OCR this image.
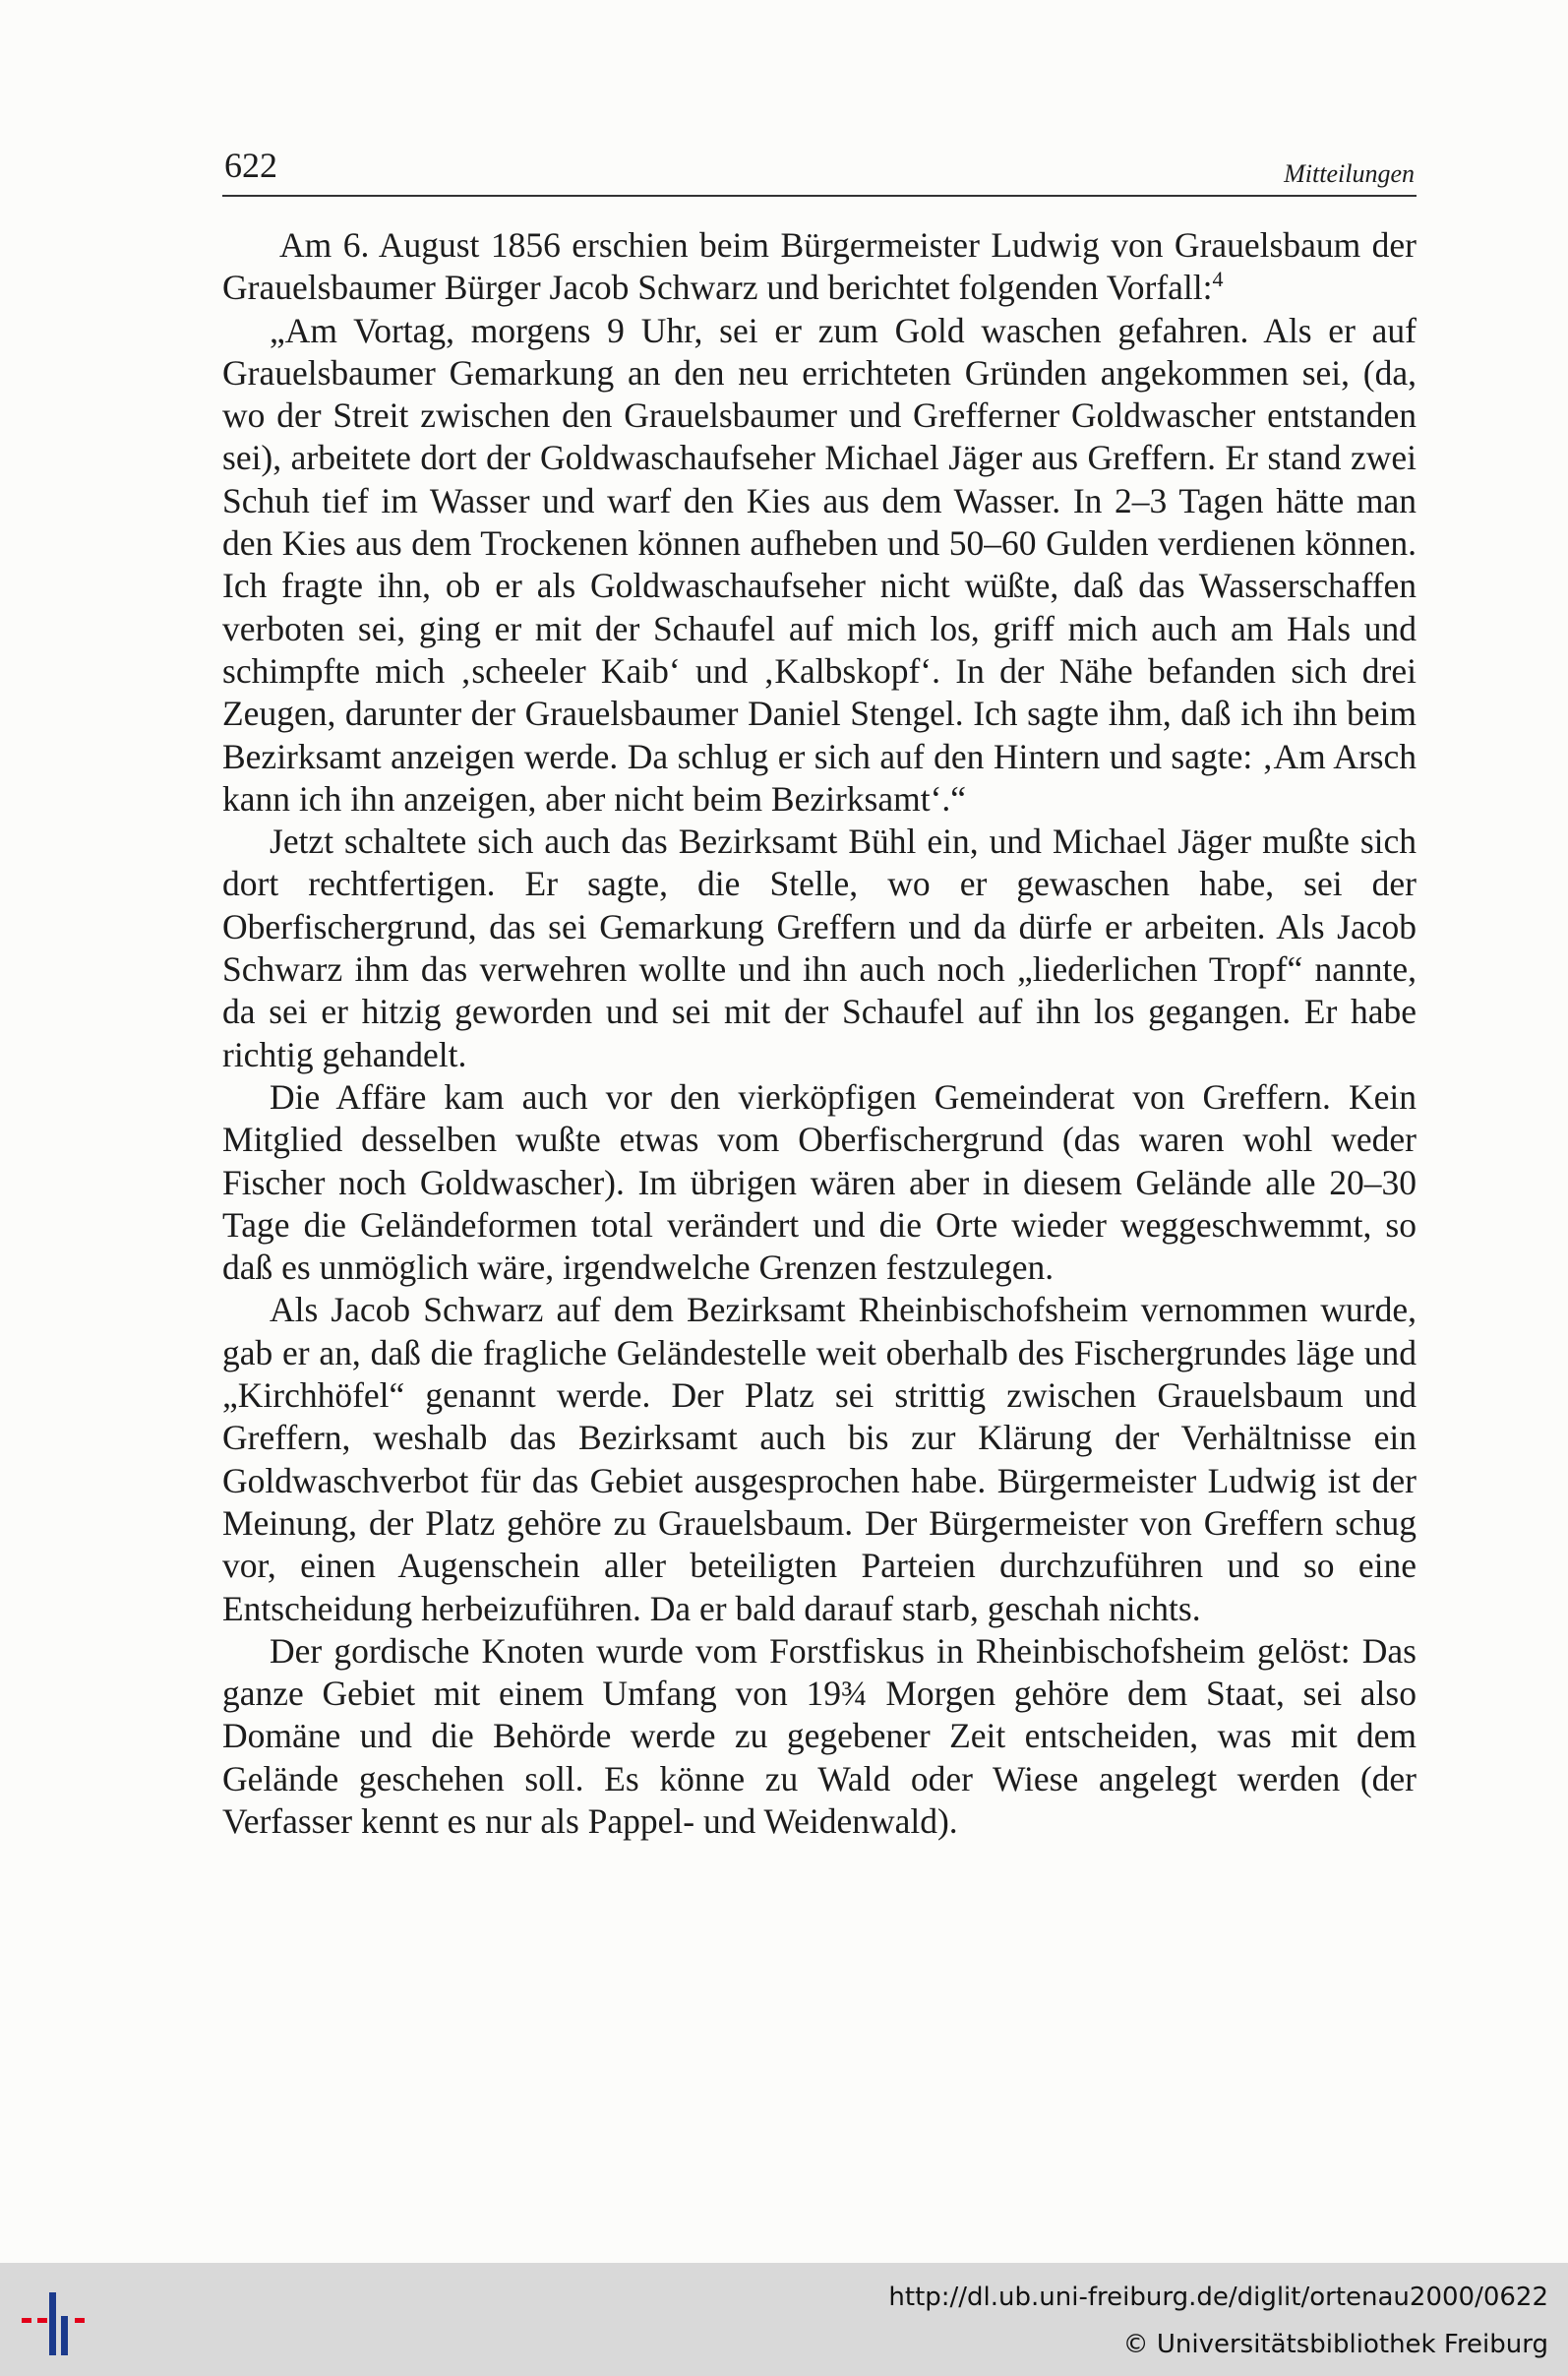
622	Mitteilungen

Am 6. August 1856 erschien beim Bürgermeister Ludwig von Grauelsbaum der Grauelsbaumer Bürger Jacob Schwarz und berichtet folgenden Vorfall:$^4$

„Am Vortag, morgens 9 Uhr, sei er zum Gold waschen gefahren. Als er auf Grauelsbaumer Gemarkung an den neu errichteten Gründen angekommen sei, (da, wo der Streit zwischen den Grauelsbaumer und Grefferner Goldwascher entstanden sei), arbeitete dort der Goldwaschaufseher Michael Jäger aus Greffern. Er stand zwei Schuh tief im Wasser und warf den Kies aus dem Wasser. In 2–3 Tagen hätte man den Kies aus dem Trockenen können aufheben und 50–60 Gulden verdienen können. Ich fragte ihn, ob er als Goldwaschaufseher nicht wüßte, daß das Wasserschaffen verboten sei, ging er mit der Schaufel auf mich los, griff mich auch am Hals und schimpfte mich ‚scheeler Kaib‘ und ‚Kalbskopf‘. In der Nähe befanden sich drei Zeugen, darunter der Grauelsbaumer Daniel Stengel. Ich sagte ihm, daß ich ihn beim Bezirksamt anzeigen werde. Da schlug er sich auf den Hintern und sagte: ‚Am Arsch kann ich ihn anzeigen, aber nicht beim Bezirksamt‘.“

Jetzt schaltete sich auch das Bezirksamt Bühl ein, und Michael Jäger mußte sich dort rechtfertigen. Er sagte, die Stelle, wo er gewaschen habe, sei der Oberfischergrund, das sei Gemarkung Greffern und da dürfe er arbeiten. Als Jacob Schwarz ihm das verwehren wollte und ihn auch noch „liederlichen Tropf“ nannte, da sei er hitzig geworden und sei mit der Schaufel auf ihn los gegangen. Er habe richtig gehandelt.

Die Affäre kam auch vor den vierköpfigen Gemeinderat von Greffern. Kein Mitglied desselben wußte etwas vom Oberfischergrund (das waren wohl weder Fischer noch Goldwascher). Im übrigen wären aber in diesem Gelände alle 20–30 Tage die Geländeformen total verändert und die Orte wieder weggeschwemmt, so daß es unmöglich wäre, irgendwelche Grenzen festzulegen.

Als Jacob Schwarz auf dem Bezirksamt Rheinbischofsheim vernommen wurde, gab er an, daß die fragliche Geländestelle weit oberhalb des Fischergrundes läge und „Kirchhöfel“ genannt werde. Der Platz sei strittig zwischen Grauelsbaum und Greffern, weshalb das Bezirksamt auch bis zur Klärung der Verhältnisse ein Goldwaschverbot für das Gebiet ausgesprochen habe. Bürgermeister Ludwig ist der Meinung, der Platz gehöre zu Grauelsbaum. Der Bürgermeister von Greffern schug vor, einen Augenschein aller beteiligten Parteien durchzuführen und so eine Entscheidung herbeizuführen. Da er bald darauf starb, geschah nichts.

Der gordische Knoten wurde vom Forstfiskus in Rheinbischofsheim gelöst: Das ganze Gebiet mit einem Umfang von 19¾ Morgen gehöre dem Staat, sei also Domäne und die Behörde werde zu gegebener Zeit entscheiden, was mit dem Gelände geschehen soll. Es könne zu Wald oder Wiese angelegt werden (der Verfasser kennt es nur als Pappel- und Weidenwald).

http://dl.ub.uni-freiburg.de/diglit/ortenau2000/0622
© Universitätsbibliothek Freiburg
